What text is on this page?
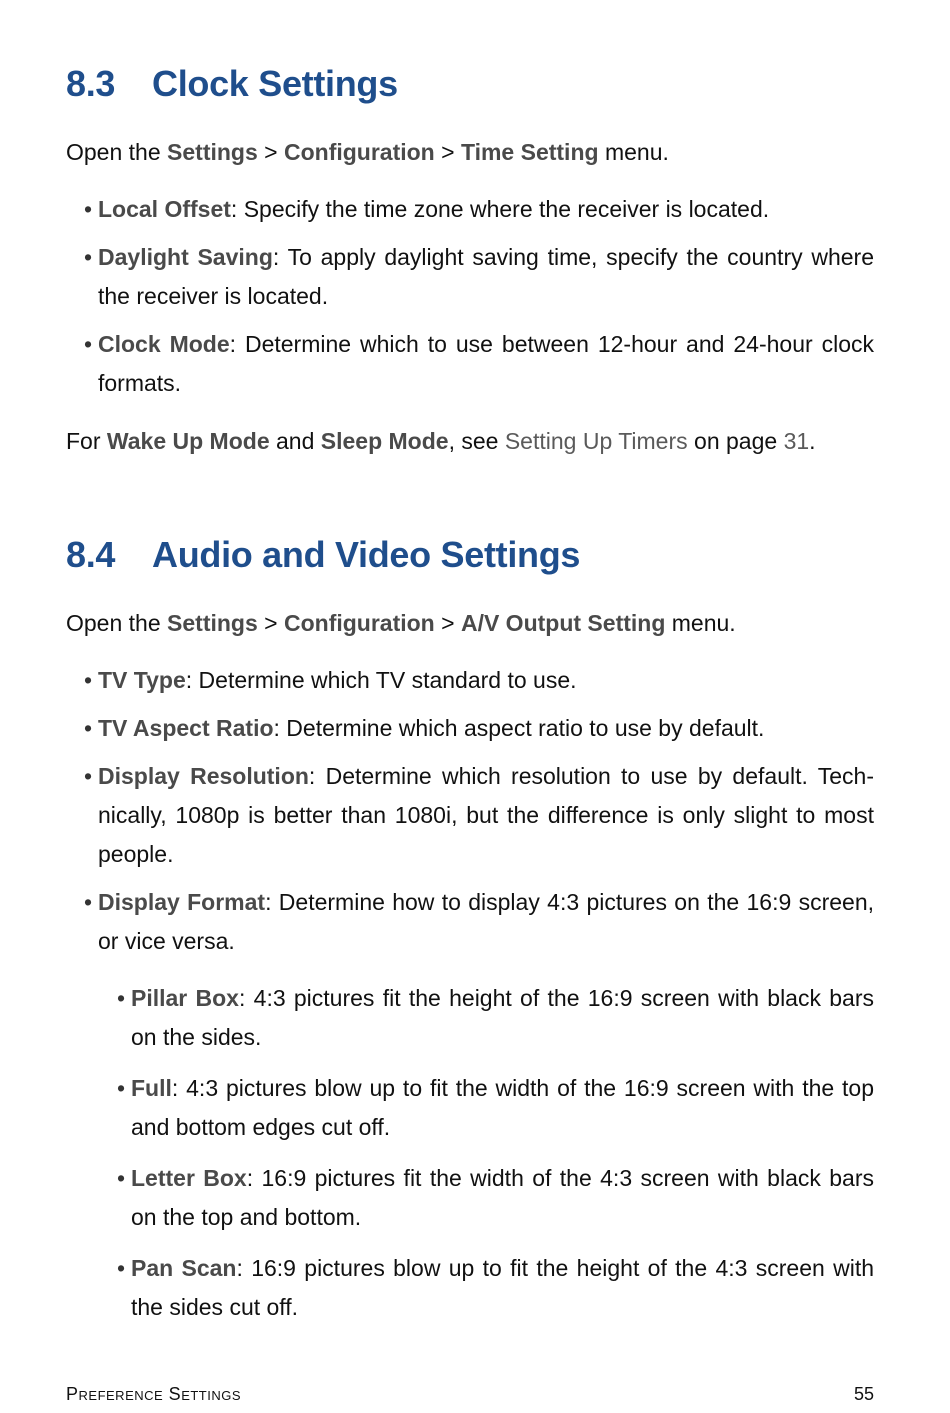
8.3 Clock Settings

Open the Settings > Configuration > Time Setting menu.

• Local Offset: Specify the time zone where the receiver is located.
• Daylight Saving: To apply daylight saving time, specify the country where the receiver is located.
• Clock Mode: Determine which to use between 12-hour and 24-hour clock formats.

For Wake Up Mode and Sleep Mode, see Setting Up Timers on page 31.

8.4 Audio and Video Settings

Open the Settings > Configuration > A/V Output Setting menu.

• TV Type: Determine which TV standard to use.
• TV Aspect Ratio: Determine which aspect ratio to use by default.
• Display Resolution: Determine which resolution to use by default. Tech-nically, 1080p is better than 1080i, but the difference is only slight to most people.
• Display Format: Determine how to display 4:3 pictures on the 16:9 screen, or vice versa.
• Pillar Box: 4:3 pictures fit the height of the 16:9 screen with black bars on the sides.
• Full: 4:3 pictures blow up to fit the width of the 16:9 screen with the top and bottom edges cut off.
• Letter Box: 16:9 pictures fit the width of the 4:3 screen with black bars on the top and bottom.
• Pan Scan: 16:9 pictures blow up to fit the height of the 4:3 screen with the sides cut off.
Preference Settings	55
